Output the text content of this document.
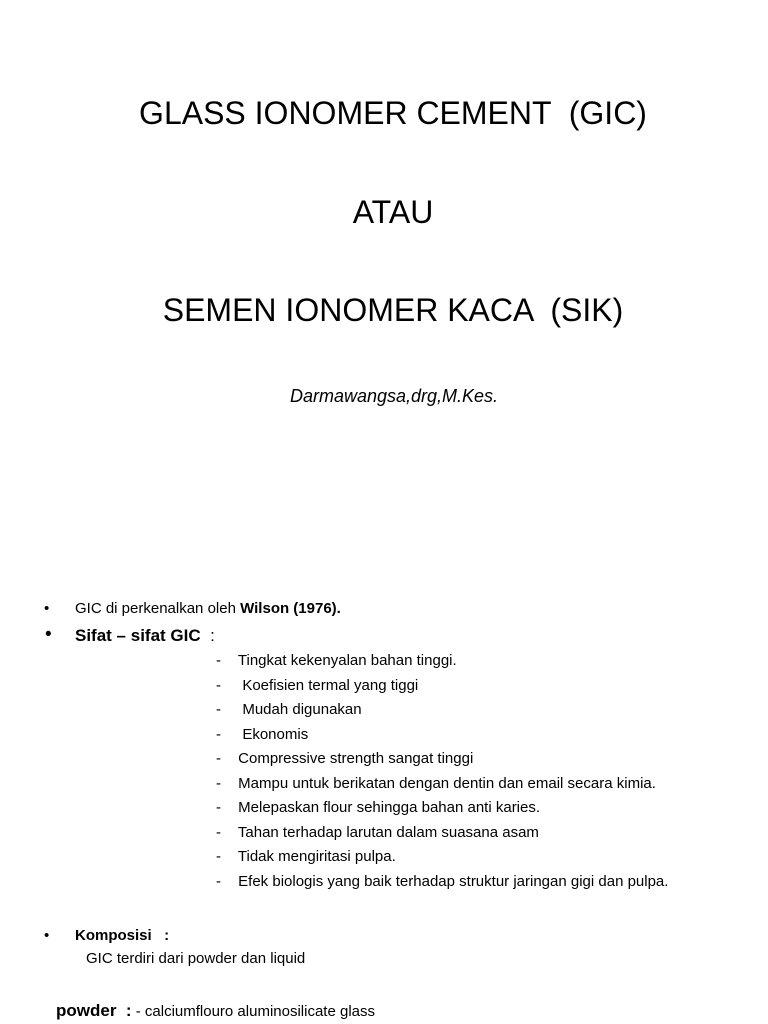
GLASS IONOMER CEMENT  (GIC)
ATAU
SEMEN IONOMER KACA  (SIK)
Darmawangsa,drg,M.Kes.
• GIC di perkenalkan oleh Wilson (1976).
• Sifat – sifat GIC  :
- Tingkat kekenyalan bahan tinggi.
-  Koefisien termal yang tiggi
-  Mudah digunakan
-  Ekonomis
- Compressive strength sangat tinggi
- Mampu untuk berikatan dengan dentin dan email secara kimia.
- Melepaskan flour sehingga bahan anti karies.
- Tahan terhadap larutan dalam suasana asam
- Tidak mengiritasi pulpa.
- Efek biologis yang baik terhadap struktur jaringan gigi dan pulpa.
• Komposisi   :
GIC terdiri dari powder dan liquid
powder  : - calciumflouro aluminosilicate glass
